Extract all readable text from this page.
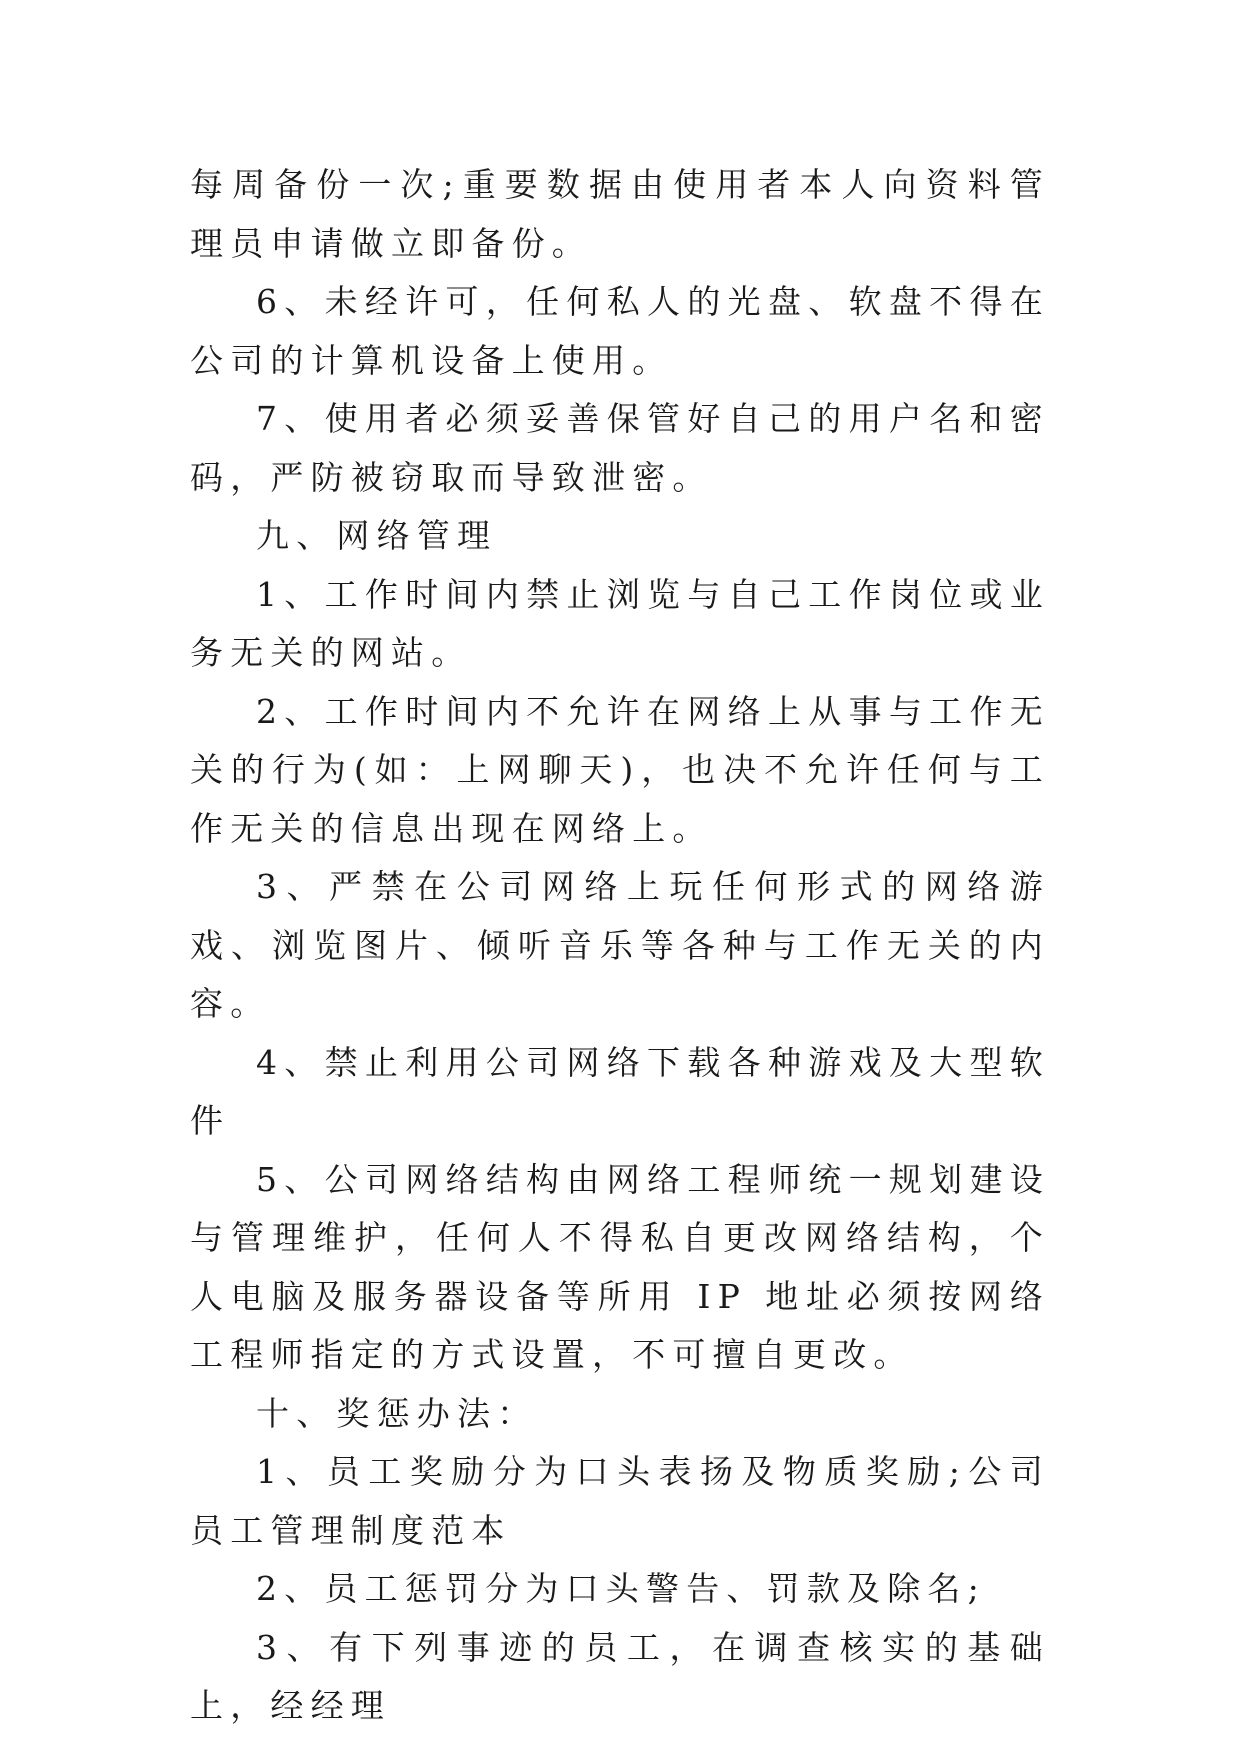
每周备份一次;重要数据由使用者本人向资料管理员申请做立即备份。

6、未经许可，任何私人的光盘、软盘不得在公司的计算机设备上使用。

7、使用者必须妥善保管好自己的用户名和密码，严防被窃取而导致泄密。

九、网络管理

1、工作时间内禁止浏览与自己工作岗位或业务无关的网站。

2、工作时间内不允许在网络上从事与工作无关的行为(如：上网聊天)，也决不允许任何与工作无关的信息出现在网络上。

3、严禁在公司网络上玩任何形式的网络游戏、浏览图片、倾听音乐等各种与工作无关的内容。

4、禁止利用公司网络下载各种游戏及大型软件

5、公司网络结构由网络工程师统一规划建设与管理维护，任何人不得私自更改网络结构，个人电脑及服务器设备等所用 IP 地址必须按网络工程师指定的方式设置，不可擅自更改。

十、奖惩办法：

1、员工奖励分为口头表扬及物质奖励;公司员工管理制度范本

2、员工惩罚分为口头警告、罚款及除名;

3、有下列事迹的员工，在调查核实的基础上，经经理
